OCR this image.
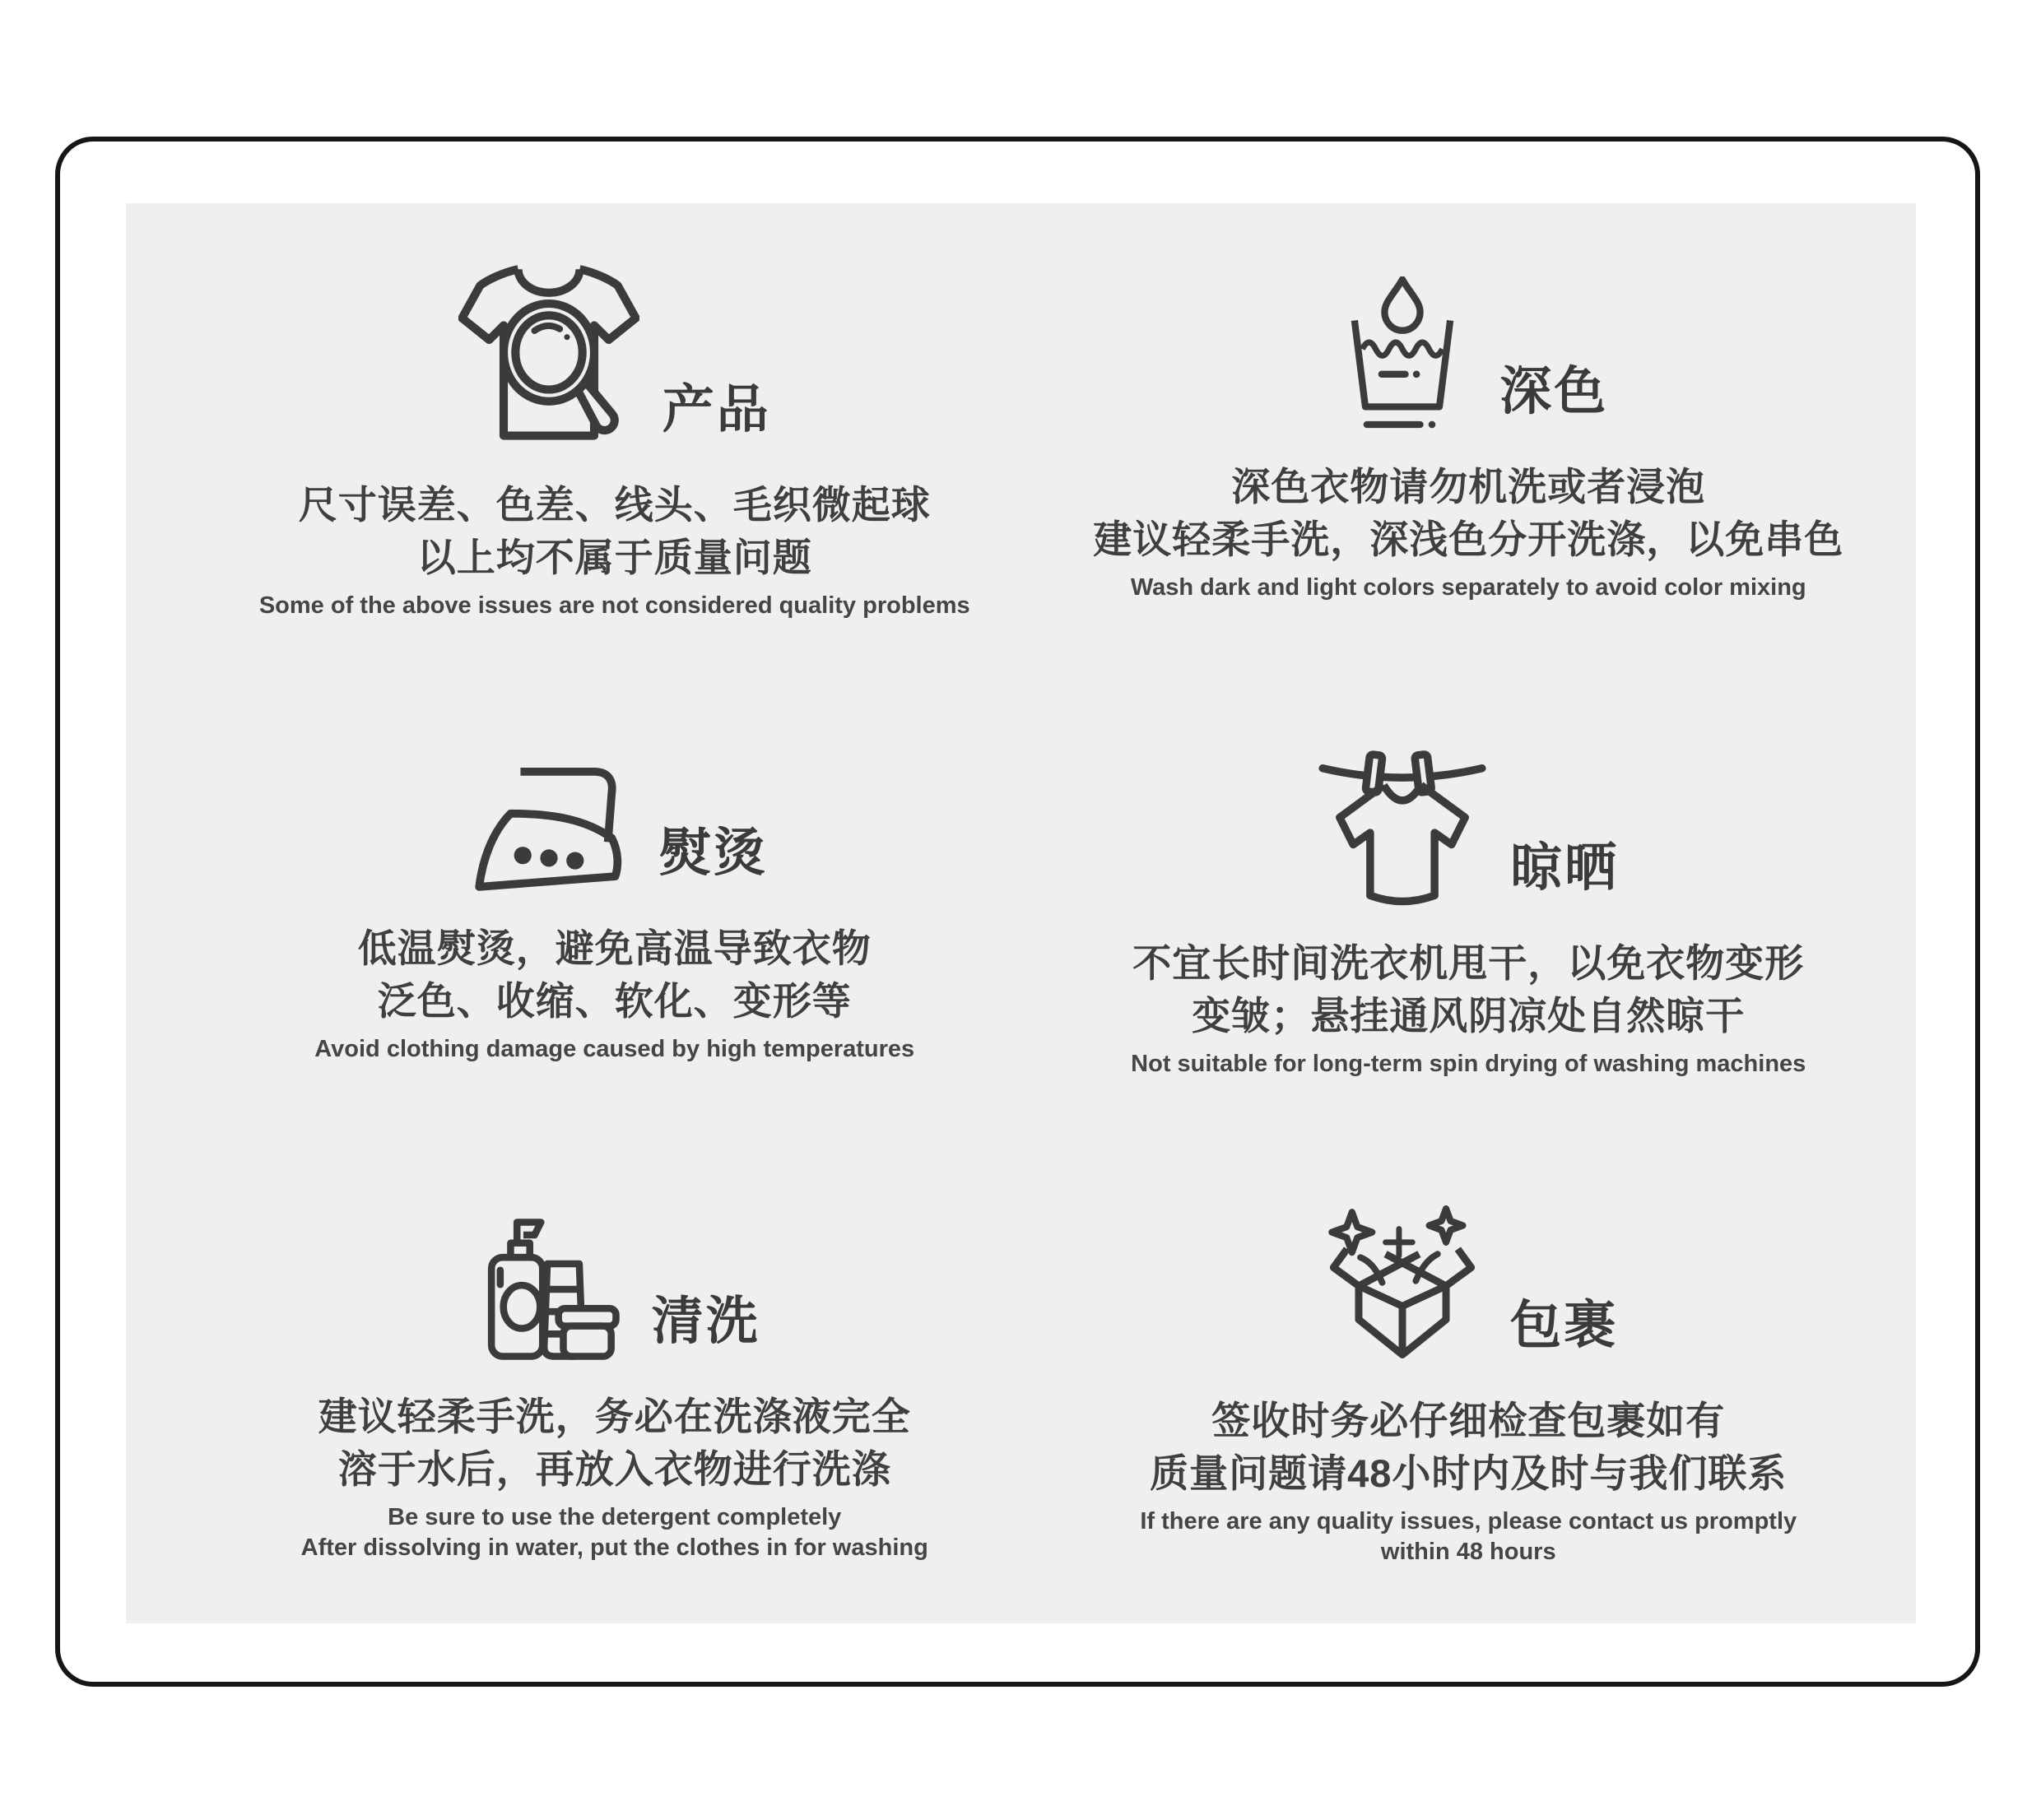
产品
尺寸误差、色差、线头、毛织微起球
以上均不属于质量问题
Some of the above issues are not considered quality problems
深色
深色衣物请勿机洗或者浸泡
建议轻柔手洗，深浅色分开洗涤，以免串色
Wash dark and light colors separately to avoid color mixing
熨烫
低温熨烫，避免高温导致衣物
泛色、收缩、软化、变形等
Avoid clothing damage caused by high temperatures
晾晒
不宜长时间洗衣机甩干，以免衣物变形
变皱；悬挂通风阴凉处自然晾干
Not suitable for long-term spin drying of washing machines
清洗
建议轻柔手洗，务必在洗涤液完全
溶于水后，再放入衣物进行洗涤
Be sure to use the detergent completely
After dissolving in water, put the clothes in for washing
包裹
签收时务必仔细检查包裹如有
质量问题请48小时内及时与我们联系
If there are any quality issues, please contact us promptly
within 48 hours
